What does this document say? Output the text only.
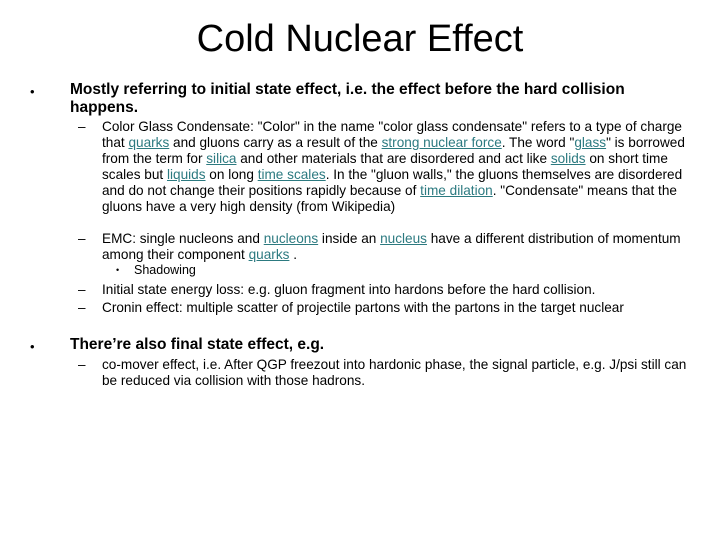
Cold Nuclear Effect
• Mostly referring to initial state effect, i.e. the effect before the hard collision happens.
– Color Glass Condensate: "Color" in the name "color glass condensate" refers to a type of charge that quarks and gluons carry as a result of the strong nuclear force. The word "glass" is borrowed from the term for silica and other materials that are disordered and act like solids on short time scales but liquids on long time scales. In the "gluon walls," the gluons themselves are disordered and do not change their positions rapidly because of time dilation. "Condensate" means that the gluons have a very high density (from Wikipedia)
– EMC: single nucleons and nucleons inside an nucleus have a different distribution of momentum among their component quarks .
• Shadowing
– Initial state energy loss: e.g. gluon fragment into hardons before the hard collision.
– Cronin effect: multiple scatter of projectile partons with the partons in the target nuclear
• There’re also final state effect, e.g.
– co-mover effect, i.e. After QGP freezout into hardonic phase, the signal particle, e.g. J/psi still can be reduced via collision with those hadrons.
